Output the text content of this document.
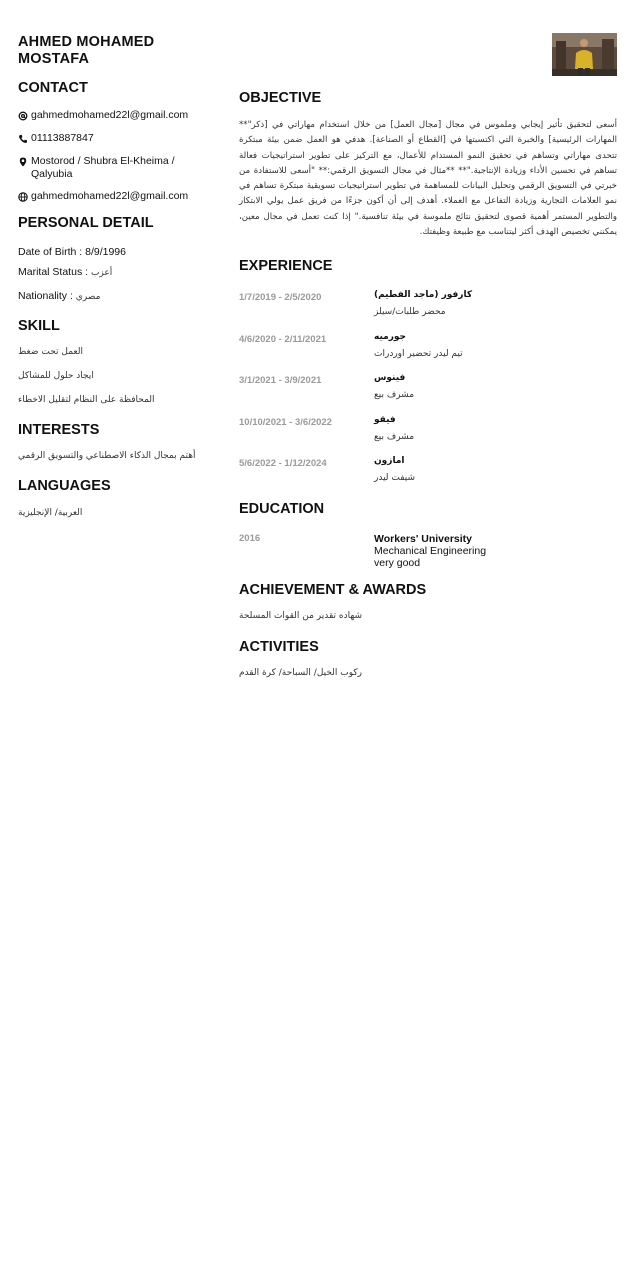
AHMED MOHAMED
MOSTAFA
CONTACT
gahmedmohamed22l@gmail.com
01113887847
Mostorod / Shubra El-Kheima / Qalyubia
gahmedmohamed22l@gmail.com
PERSONAL DETAIL
Date of Birth : 8/9/1996
Marital Status : أعزب
Nationality : مصري
SKILL
العمل تحت ضغط
ايجاد حلول للمشاكل
المحافظة على النظام لتقليل الاخطاء
INTERESTS
أهتم بمجال الذكاء الاصطناعي والتسويق الرقمي
LANGUAGES
العربية/ الإنجليزية
OBJECTIVE
أسعى لتحقيق تأثير إيجابي وملموس في مجال [مجال العمل] من خلال استخدام مهاراتي في [ذكر"** المهارات الرئيسية] والخبرة التي اكتسبتها في [القطاع أو الصناعة]. هدفي هو العمل ضمن بيئة مبتكرة تتحدى مهاراتي وتساهم في تحقيق النمو المستدام للأعمال، مع التركيز على تطوير استراتيجيات فعالة تساهم في تحسين الأداء وزيادة الإنتاجية."** **مثال في مجال التسويق الرقمي:** "أسعى للاستفادة من خبرتي في التسويق الرقمي وتحليل البيانات للمساهمة في تطوير استراتيجيات تسويقية مبتكرة تساهم في نمو العلامات التجارية وزيادة التفاعل مع العملاء. أهدف إلى أن أكون جزءًا من فريق عمل يولي الابتكار والتطوير المستمر أهمية قصوى لتحقيق نتائج ملموسة في بيئة تنافسية." إذا كنت تعمل في مجال معين، يمكنني تخصيص الهدف أكثر ليتناسب مع طبيعة وظيفتك.
EXPERIENCE
1/7/2019 - 2/5/2020	كارفور (ماجد الفطيم)
محضر طلبات/سيلز
4/6/2020 - 2/11/2021	جورميه
تيم ليدر تحضير اوردرات
3/1/2021 - 3/9/2021	فينوس
مشرف بيع
10/10/2021 - 3/6/2022	فيقو
مشرف بيع
5/6/2022 - 1/12/2024	امازون
شيفت ليدر
EDUCATION
2016	Workers' University
Mechanical Engineering
very good
ACHIEVEMENT & AWARDS
شهاده تقدير من القوات المسلحة
ACTIVITIES
ركوب الخيل/ السباحة/ كرة القدم
